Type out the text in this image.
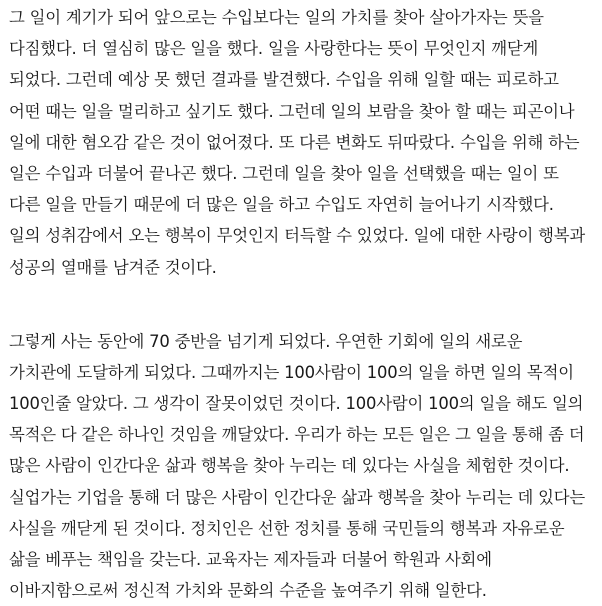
그 일이 계기가 되어 앞으로는 수입보다는 일의 가치를 찾아 살아가자는 뜻을
다짐했다. 더 열심히 많은 일을 했다. 일을 사랑한다는 뜻이 무엇인지 깨닫게
되었다. 그런데 예상 못 했던 결과를 발견했다. 수입을 위해 일할 때는 피로하고
어떤 때는 일을 멀리하고 싶기도 했다. 그런데 일의 보람을 찾아 할 때는 피곤이나
일에 대한 혐오감 같은 것이 없어졌다. 또 다른 변화도 뒤따랐다. 수입을 위해 하는
일은 수입과 더불어 끝나곤 했다. 그런데 일을 찾아 일을 선택했을 때는 일이 또
다른 일을 만들기 때문에 더 많은 일을 하고 수입도 자연히 늘어나기 시작했다.
일의 성취감에서 오는 행복이 무엇인지 터득할 수 있었다. 일에 대한 사랑이 행복과
성공의 열매를 남겨준 것이다.
그렇게 사는 동안에 70 중반을 넘기게 되었다. 우연한 기회에 일의 새로운
가치관에 도달하게 되었다. 그때까지는 100사람이 100의 일을 하면 일의 목적이
100인줄 알았다. 그 생각이 잘못이었던 것이다. 100사람이 100의 일을 해도 일의
목적은 다 같은 하나인 것임을 깨달았다. 우리가 하는 모든 일은 그 일을 통해 좀 더
많은 사람이 인간다운 삶과 행복을 찾아 누리는 데 있다는 사실을 체험한 것이다.
실업가는 기업을 통해 더 많은 사람이 인간다운 삶과 행복을 찾아 누리는 데 있다는
사실을 깨닫게 된 것이다. 정치인은 선한 정치를 통해 국민들의 행복과 자유로운
삶을 베푸는 책임을 갖는다. 교육자는 제자들과 더불어 학원과 사회에
이바지함으로써 정신적 가치와 문화의 수준을 높여주기 위해 일한다.
